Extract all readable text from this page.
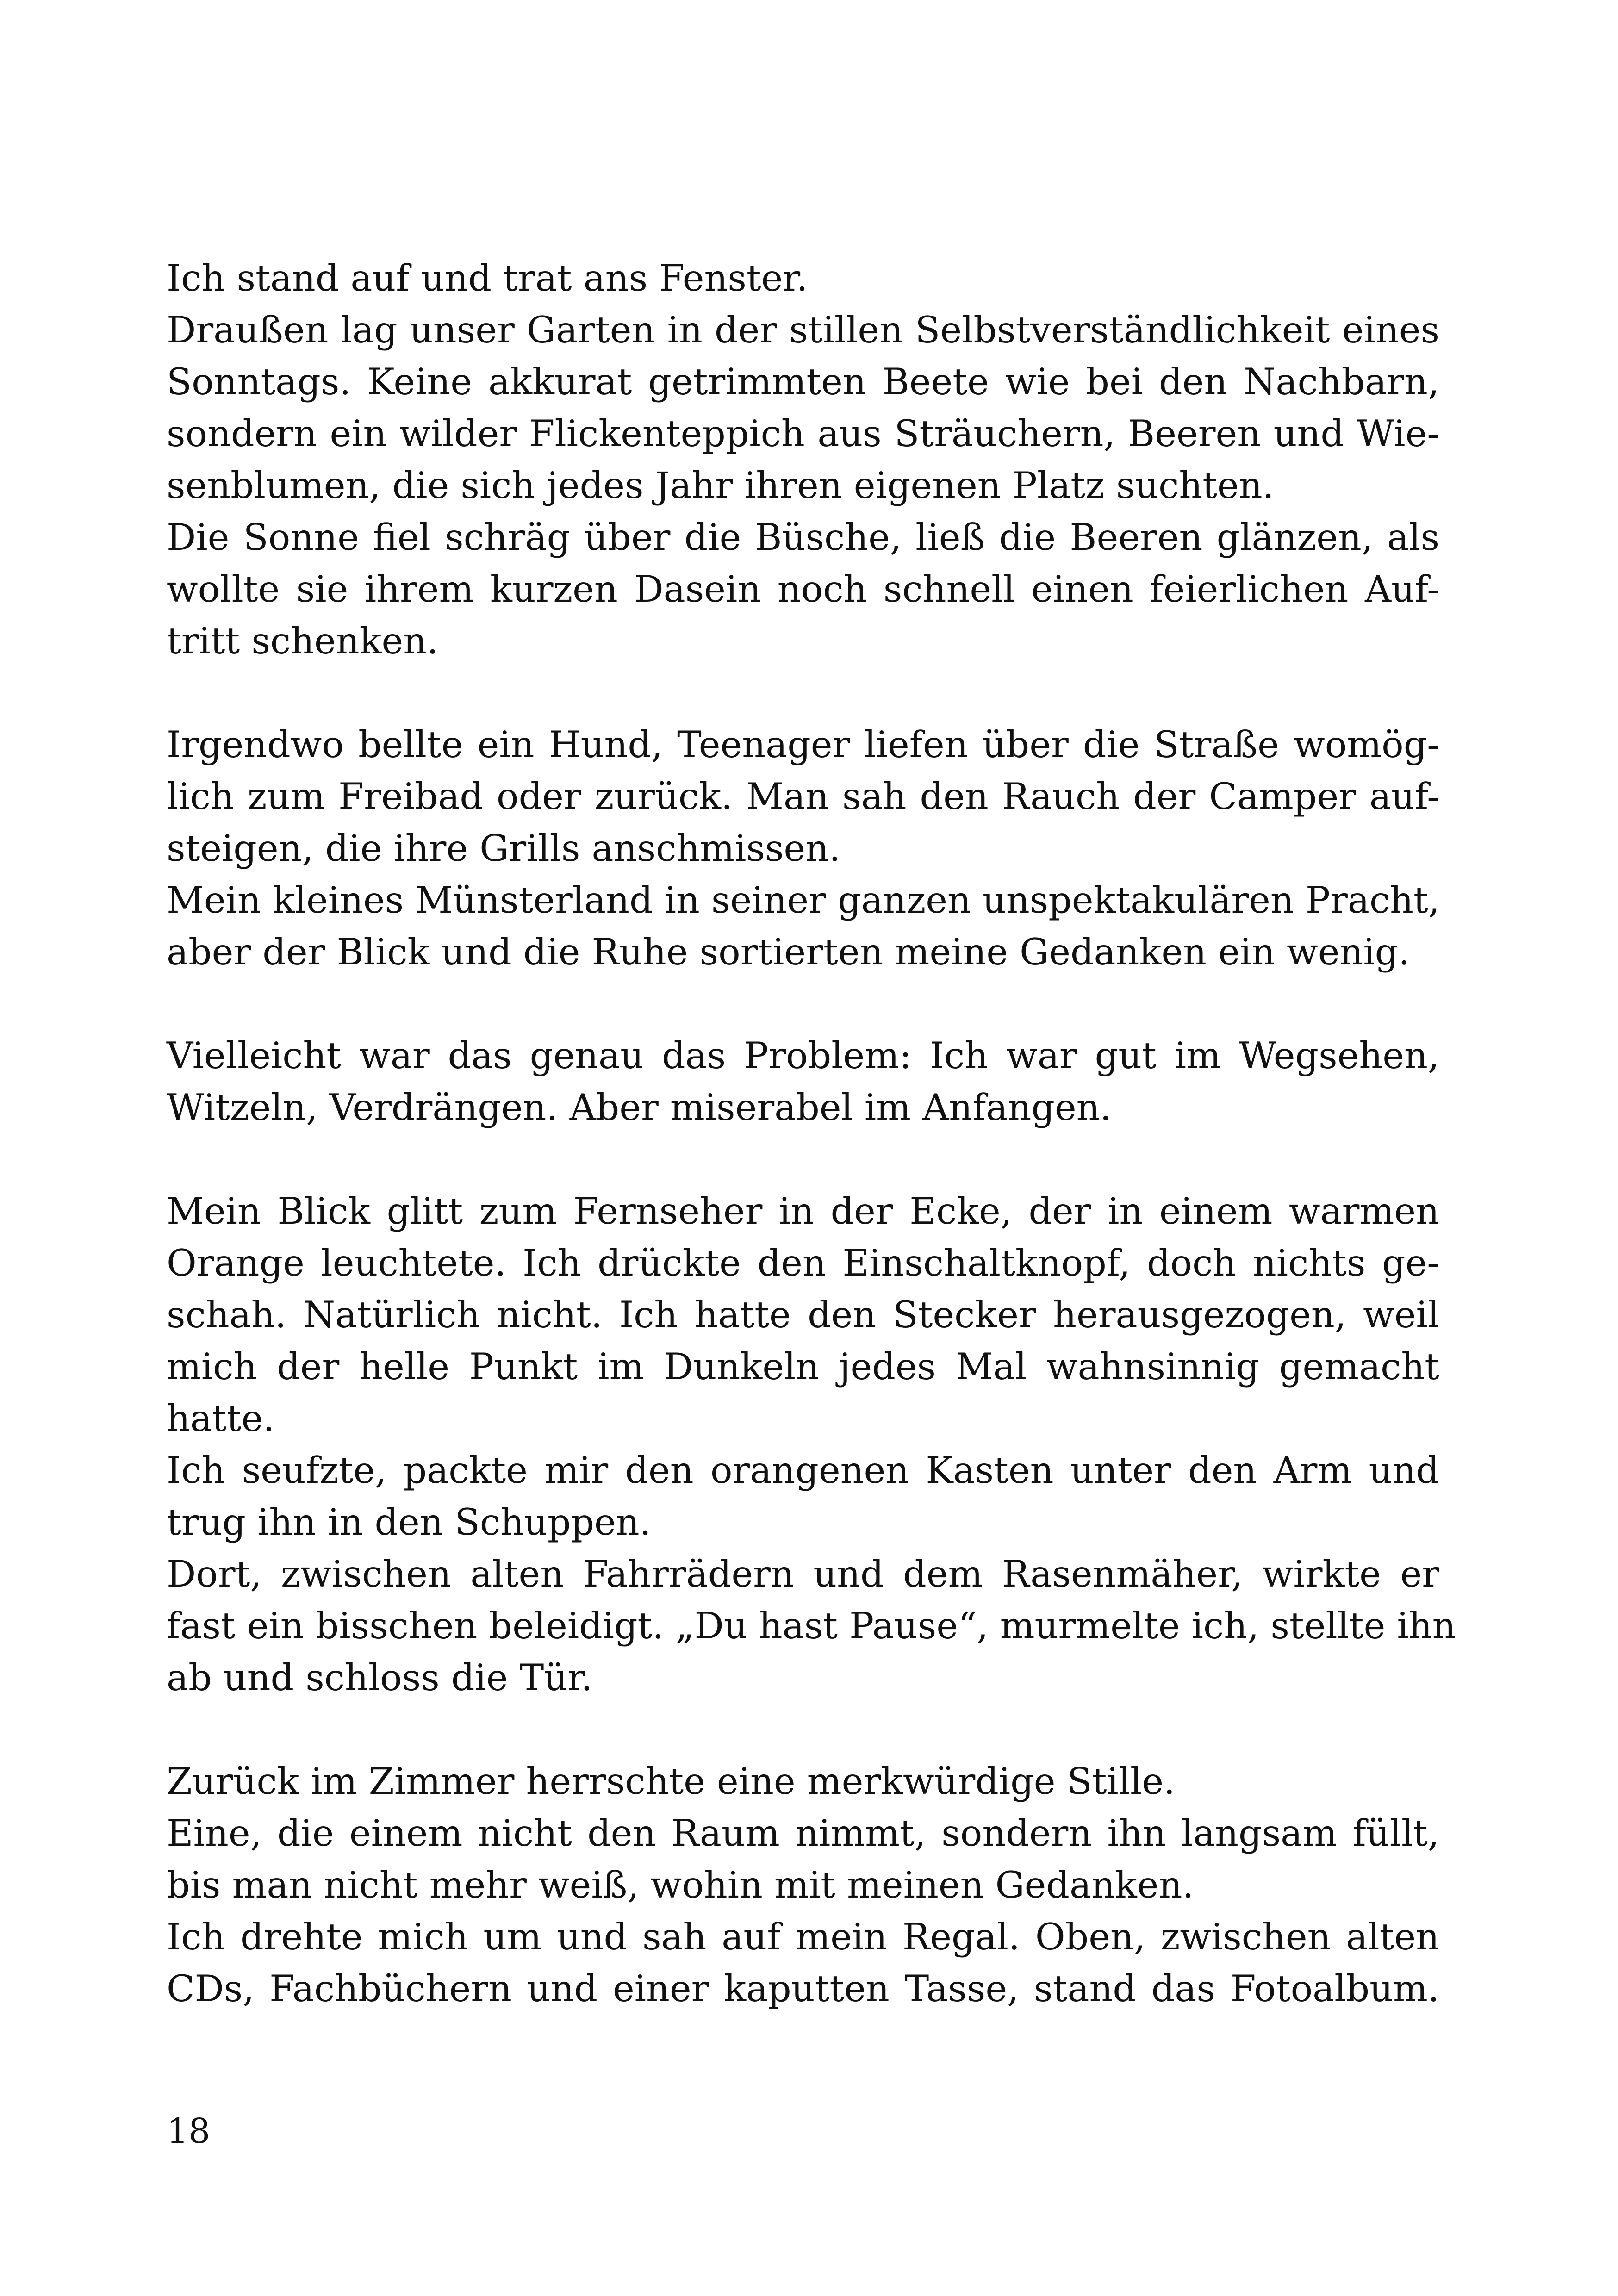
Ich stand auf und trat ans Fenster.
Draußen lag unser Garten in der stillen Selbstverständlichkeit eines
Sonntags. Keine akkurat getrimmten Beete wie bei den Nachbarn,
sondern ein wilder Flickenteppich aus Sträuchern, Beeren und Wie-
senblumen, die sich jedes Jahr ihren eigenen Platz suchten.
Die Sonne fiel schräg über die Büsche, ließ die Beeren glänzen, als
wollte sie ihrem kurzen Dasein noch schnell einen feierlichen Auf-
tritt schenken.
Irgendwo bellte ein Hund, Teenager liefen über die Straße womög-
lich zum Freibad oder zurück. Man sah den Rauch der Camper auf-
steigen, die ihre Grills anschmissen.
Mein kleines Münsterland in seiner ganzen unspektakulären Pracht,
aber der Blick und die Ruhe sortierten meine Gedanken ein wenig.
Vielleicht war das genau das Problem: Ich war gut im Wegsehen,
Witzeln, Verdrängen. Aber miserabel im Anfangen.
Mein Blick glitt zum Fernseher in der Ecke, der in einem warmen
Orange leuchtete. Ich drückte den Einschaltknopf, doch nichts ge-
schah. Natürlich nicht. Ich hatte den Stecker herausgezogen, weil
mich der helle Punkt im Dunkeln jedes Mal wahnsinnig gemacht
hatte.
Ich seufzte, packte mir den orangenen Kasten unter den Arm und
trug ihn in den Schuppen.
Dort, zwischen alten Fahrrädern und dem Rasenmäher, wirkte er
fast ein bisschen beleidigt. „Du hast Pause“, murmelte ich, stellte ihn
ab und schloss die Tür.
Zurück im Zimmer herrschte eine merkwürdige Stille.
Eine, die einem nicht den Raum nimmt, sondern ihn langsam füllt,
bis man nicht mehr weiß, wohin mit meinen Gedanken.
Ich drehte mich um und sah auf mein Regal. Oben, zwischen alten
CDs, Fachbüchern und einer kaputten Tasse, stand das Fotoalbum.
18
